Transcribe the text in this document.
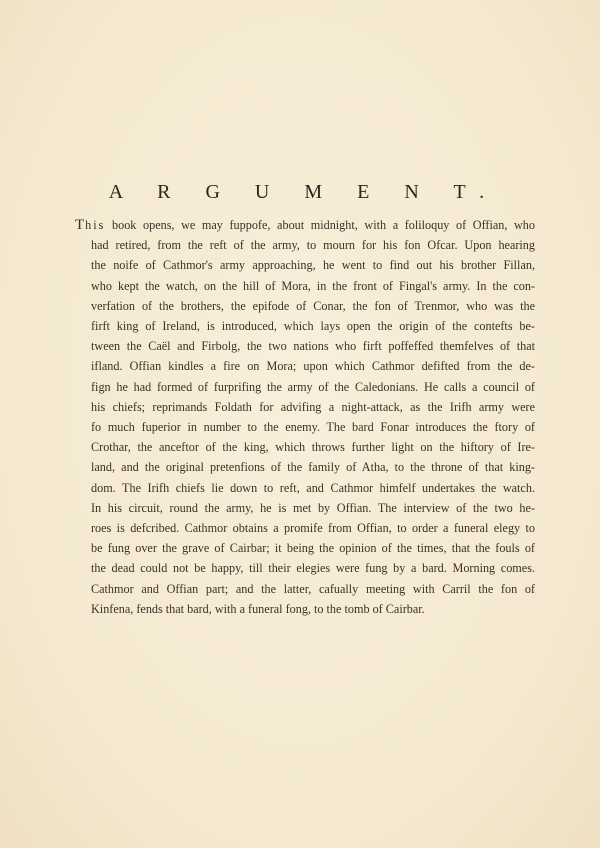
A R G U M E N T.
This book opens, we may fuppofe, about midnight, with a foliloquy of Offian, who
had retired, from the reft of the army, to mourn for his fon Ofcar. Upon hearing
the noife of Cathmor's army approaching, he went to find out his brother Fillan,
who kept the watch, on the hill of Mora, in the front of Fingal's army. In the con-
verfation of the brothers, the epifode of Conar, the fon of Trenmor, who was the
firft king of Ireland, is introduced, which lays open the origin of the contefts be-
tween the Caël and Firbolg, the two nations who firft poffeffed themfelves of that
ifland. Offian kindles a fire on Mora; upon which Cathmor defifted from the de-
fign he had formed of furprifing the army of the Caledonians. He calls a council of
his chiefs; reprimands Foldath for advifing a night-attack, as the Irifh army were
fo much fuperior in number to the enemy. The bard Fonar introduces the ftory of
Crothar, the anceftor of the king, which throws further light on the hiftory of Ire-
land, and the original pretenfions of the family of Atha, to the throne of that king-
dom. The Irifh chiefs lie down to reft, and Cathmor himfelf undertakes the watch.
In his circuit, round the army, he is met by Offian. The interview of the two he-
roes is defcribed. Cathmor obtains a promife from Offian, to order a funeral elegy to
be fung over the grave of Cairbar; it being the opinion of the times, that the fouls of
the dead could not be happy, till their elegies were fung by a bard. Morning comes.
Cathmor and Offian part; and the latter, cafually meeting with Carril the fon of
Kinfena, fends that bard, with a funeral fong, to the tomb of Cairbar.
